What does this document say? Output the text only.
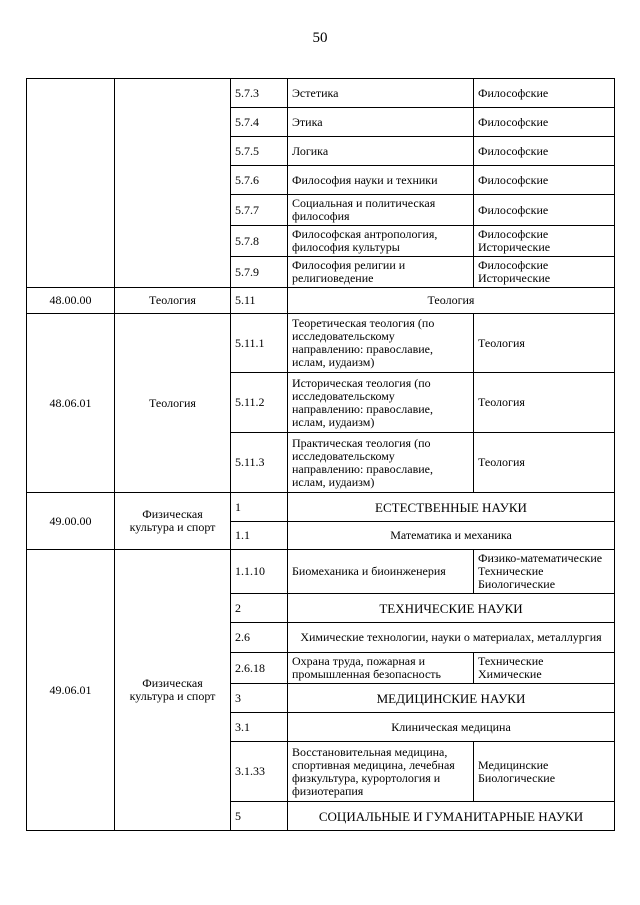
50
		5.7.3	Эстетика	Философские

		5.7.4	Этика	Философские

		5.7.5	Логика	Философские

		5.7.6	Философия науки и техники	Философские

		5.7.7	Социальная и политическая философия	Философские

		5.7.8	Философская антропология, философия культуры	Философские
Исторические

		5.7.9	Философия религии и религиоведение	Философские
Исторические

48.00.00	Теология	5.11	Теология	
48.06.01	Теология	5.11.1	Теоретическая теология (по исследовательскому направлению: православие, ислам, иудаизм)	Теология

		5.11.2	Историческая теология (по исследовательскому направлению: православие, ислам, иудаизм)	Теология

		5.11.3	Практическая теология (по исследовательскому направлению: православие, ислам, иудаизм)	Теология

49.00.00	Физическая культура и спорт	1	ЕСТЕСТВЕННЫЕ НАУКИ	
		1.1	Математика и механика	
49.06.01	Физическая культура и спорт	1.1.10	Биомеханика и биоинженерия	Физико-математические
Технические
Биологические

		2	ТЕХНИЧЕСКИЕ НАУКИ	
		2.6	Химические технологии, науки о материалах, металлургия	
		2.6.18	Охрана труда, пожарная и промышленная безопасность	Технические
Химические

		3	МЕДИЦИНСКИЕ НАУКИ	
		3.1	Клиническая медицина	
		3.1.33	Восстановительная медицина, спортивная медицина, лечебная физкультура, курортология и физиотерапия	Медицинские
Биологические

		5	СОЦИАЛЬНЫЕ И ГУМАНИТАРНЫЕ НАУКИ	
